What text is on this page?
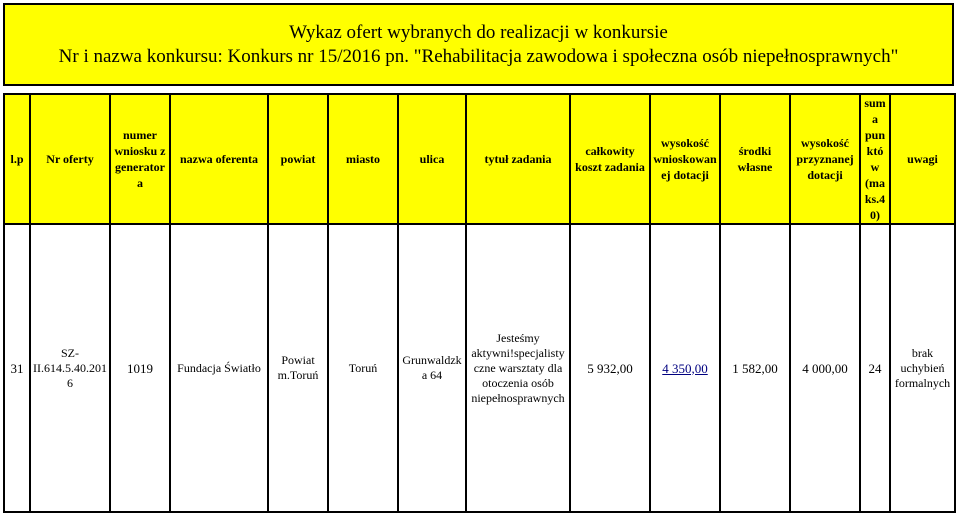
Wykaz ofert wybranych do realizacji w konkursie
Nr i nazwa konkursu: Konkurs nr 15/2016 pn. "Rehabilitacja zawodowa i społeczna osób niepełnosprawnych"
l.p	Nr oferty	numer wniosku z generatora	nazwa oferenta	powiat	miasto	ulica	tytuł zadania	całkowity koszt zadania	wysokość wnioskowanej dotacji	środki własne	wysokość przyznanej dotacji	suma punktó w (maks.4 0)	uwagi
31	SZ-II.614.5.40.2016	1019	Fundacja Światło	Powiat m.Toruń	Toruń	Grunwaldzka 64	Jesteśmy aktywni!specjalisty czne warsztaty dla otoczenia osób niepełnosprawnych	5 932,00	4 350,00	1 582,00	4 000,00	24	brak uchybień formalnych
